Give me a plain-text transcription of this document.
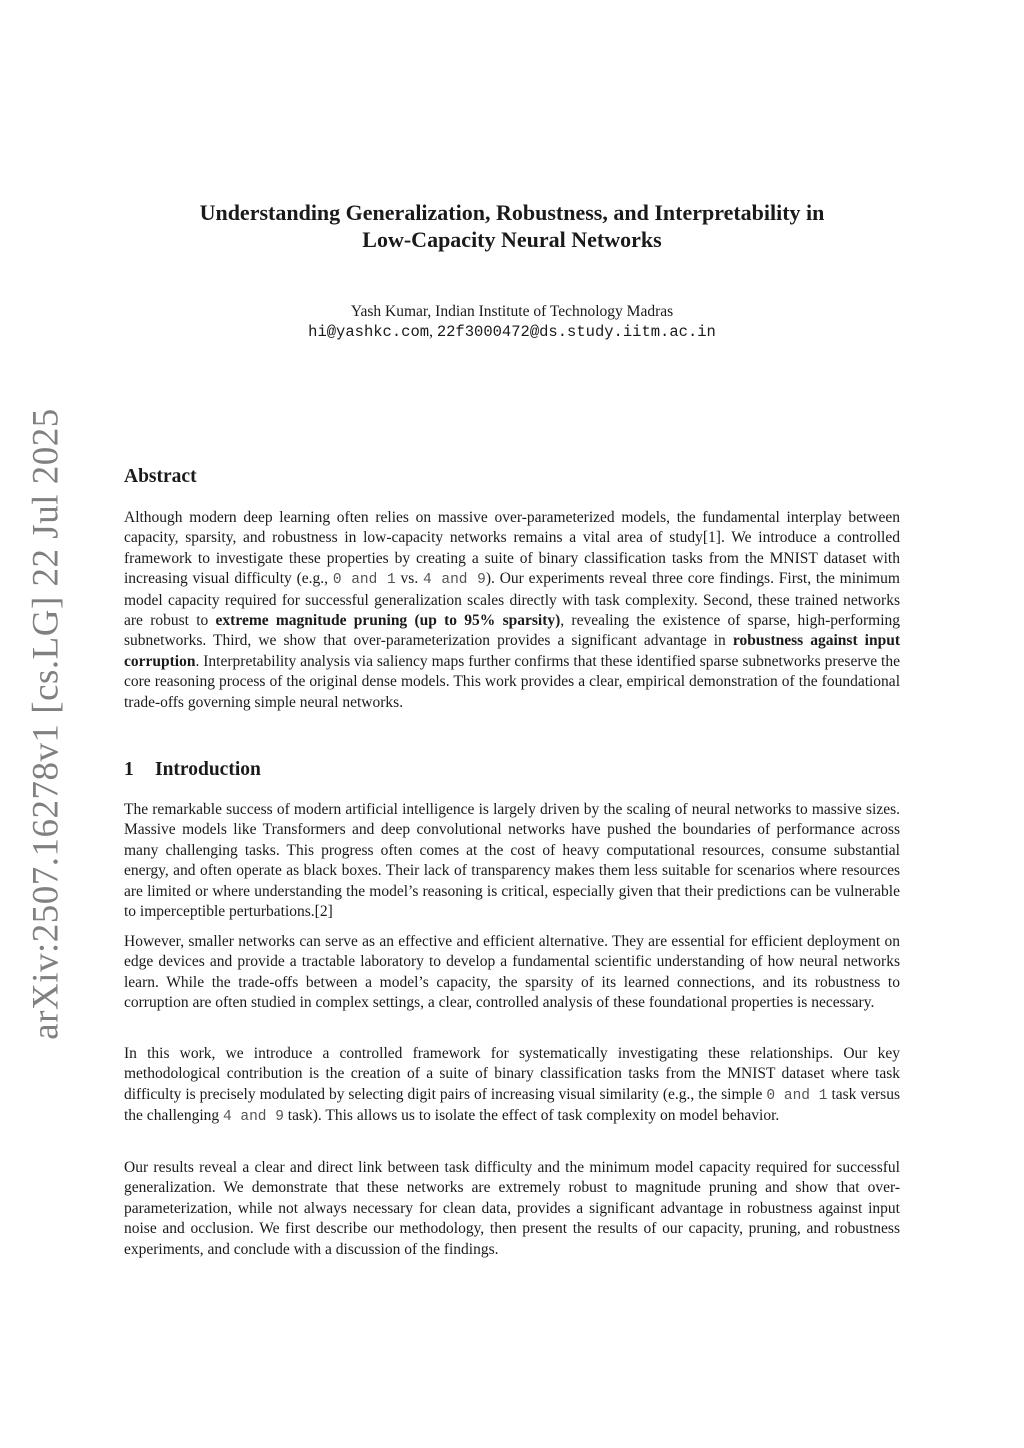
arXiv:2507.16278v1 [cs.LG] 22 Jul 2025
Understanding Generalization, Robustness, and Interpretability in
Low-Capacity Neural Networks
Yash Kumar, Indian Institute of Technology Madras
hi@yashkc.com, 22f3000472@ds.study.iitm.ac.in
Abstract

Although modern deep learning often relies on massive over-parameterized models, the fundamental interplay between capacity, sparsity, and robustness in low-capacity networks remains a vital area of study[1]. We introduce a controlled framework to investigate these properties by creating a suite of binary classification tasks from the MNIST dataset with increasing visual difficulty (e.g., 0 and 1 vs. 4 and 9). Our experiments reveal three core findings. First, the minimum model capacity required for successful generalization scales directly with task complexity. Second, these trained networks are robust to extreme magnitude pruning (up to 95% sparsity), revealing the existence of sparse, high-performing subnetworks. Third, we show that over-parameterization provides a significant advantage in robustness against input corruption. Interpretability analysis via saliency maps further confirms that these identified sparse subnetworks preserve the core reasoning process of the original dense models. This work provides a clear, empirical demonstration of the foundational trade-offs governing simple neural networks.

1 Introduction

The remarkable success of modern artificial intelligence is largely driven by the scaling of neural networks to massive sizes. Massive models like Transformers and deep convolutional networks have pushed the boundaries of performance across many challenging tasks. This progress often comes at the cost of heavy computational resources, consume substantial energy, and often operate as black boxes. Their lack of transparency makes them less suitable for scenarios where resources are limited or where understanding the model’s reasoning is critical, especially given that their predictions can be vulnerable to imperceptible perturbations.[2]

However, smaller networks can serve as an effective and efficient alternative. They are essential for efficient deployment on edge devices and provide a tractable laboratory to develop a fundamental scientific understanding of how neural networks learn. While the trade-offs between a model’s capacity, the sparsity of its learned connections, and its robustness to corruption are often studied in complex settings, a clear, controlled analysis of these foundational properties is necessary.

In this work, we introduce a controlled framework for systematically investigating these relationships. Our key methodological contribution is the creation of a suite of binary classification tasks from the MNIST dataset where task difficulty is precisely modulated by selecting digit pairs of increasing visual similarity (e.g., the simple 0 and 1 task versus the challenging 4 and 9 task). This allows us to isolate the effect of task complexity on model behavior.

Our results reveal a clear and direct link between task difficulty and the minimum model capacity required for successful generalization. We demonstrate that these networks are extremely robust to magnitude pruning and show that over-parameterization, while not always necessary for clean data, provides a significant advantage in robustness against input noise and occlusion. We first describe our methodology, then present the results of our capacity, pruning, and robustness experiments, and conclude with a discussion of the findings.
